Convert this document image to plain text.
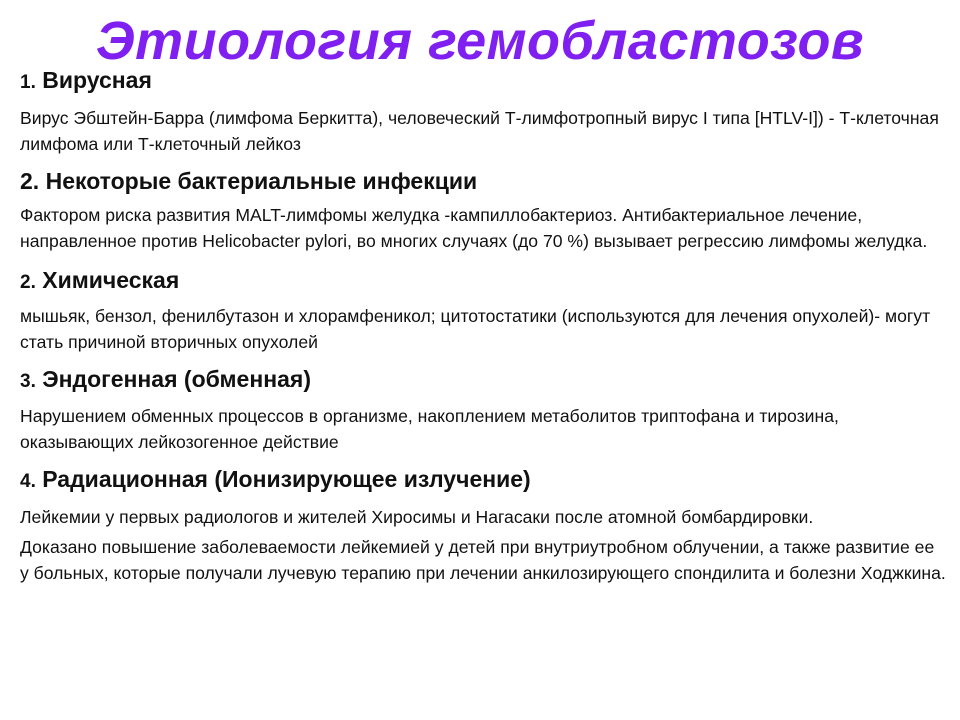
Этиология гемобластозов

1. Вирусная

Вирус Эбштейн-Барра (лимфома Беркитта), человеческий Т-лимфотропный вирус I типа [HTLV-I]) - Т-клеточная лимфома или Т-клеточный лейкоз

2. Некоторые бактериальные инфекции

Фактором риска развития MALT-лимфомы желудка -кампиллобактериоз. Антибактериальное лечение, направленное против Helicobacter pylori, во многих случаях (до 70 %) вызывает регрессию лимфомы желудка.

2. Химическая

мышьяк, бензол, фенилбутазон и хлорамфеникол; цитотостатики (используются для лечения опухолей)- могут стать причиной вторичных опухолей

3. Эндогенная (обменная)

Нарушением обменных процессов в организме, накоплением метаболитов триптофана и тирозина, оказывающих лейкозогенное действие

4. Радиационная (Ионизирующее излучение)

Лейкемии у первых радиологов и жителей Хиросимы и Нагасаки после атомной бомбардировки.

Доказано повышение заболеваемости лейкемией у детей при внутриутробном облучении, а также развитие ее у больных, которые получали лучевую терапию при лечении анкилозирующего спондилита и болезни Ходжкина.
